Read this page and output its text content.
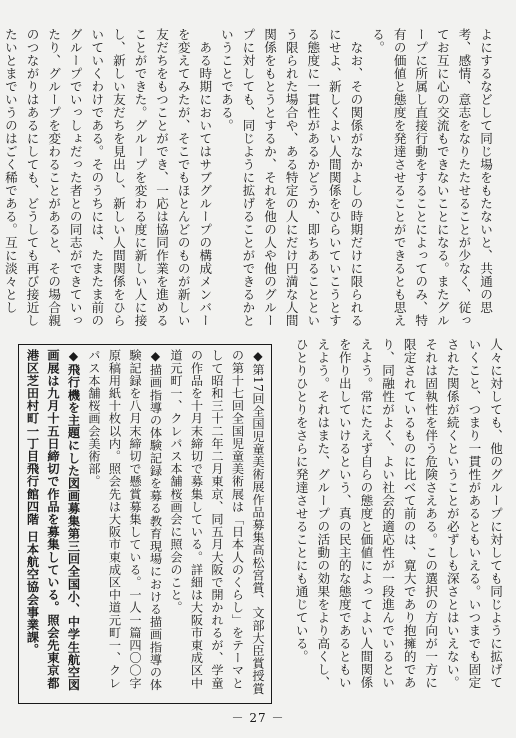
よにするなどして同じ場をもたないと、共通の思考、感情、意志をなりたたせることが少なく、従ってお互に心の交流もできないことになる。またグループに所属し直接行動をすることによってのみ、特有の価値と態度を発達させることができるとも思える。

なお、その関係がなかよしの時期だけに限られるにせよ、新しくよい人間関係をひらいていこうとする態度に一貫性があるかどうか、即ちあることという限られた場合や、ある特定の人にだけ円満な人間関係をもとうとするか、それを他の人や他のグループに対しても、同じように拡げることができるかということである。

ある時期においてはサブグループの構成メンバーを変えてみたが、そこでもほとんどのものが新しい友だちをもつことができ、一応は協同作業を進めることができた。グループを変わる度に新しい人に接し、新しい友だちを見出し、新しい人間関係をひらいていくわけである。そのうちには、たまたま前のグループでいっしょだった者との同志ができていったり、グループを変わることがあると、その場合親のつながりはあるにしても、どうしても再び接近したいとまでいうのはごく稀である。互に淡々とし

人々に対しても、他のグループに対しても同じように拡げていくこと、つまり一貫性があるともいえる。いつまでも固定された関係が続くということが必ずしも深さとはいえない。それは固執性を伴う危険さえある。この選択の方向が一方に限定されているものに比べて前のは、寛大であり抱擁的であり、同融性がよく、よい社会的適応性が一段進んでいるといえよう。常にたえず自らの態度と価値によってよい人間関係を作り出していけるという、真の民主的な態度であるともいえよう。それはまた、グループの活動の効果をより高くし、ひとりひとりをさらに発達させることにも通じている。

◆第17回全国児童美術展作品募集高松宮賞、文部大臣賞授賞の第十七回全国児童美術展は「日本人のくらし」をテーマとして昭和三十二年二月東京、同五月大阪で開かれるが、学童の作品を十月末締切で募集している。詳細は大阪市東成区中道元町一、クレパス本舗桜画会に照会のこと。

◆描画指導の体験記録を募る教育現場における描画指導の体験記録を八月末締切で懸賞募集している。一人一篇四〇〇字原稿用紙十枚以内。照会先は大阪市東成区中道元町一、クレパス本舗桜画会美術部。

◆飛行機を主題にした図画募集第三回全国小、中学生航空図画展は九月十五日締切で作品を募集している。照会先東京都港区芝田村町一丁目飛行館四階 日本航空協会事業課。

－ 27 －
